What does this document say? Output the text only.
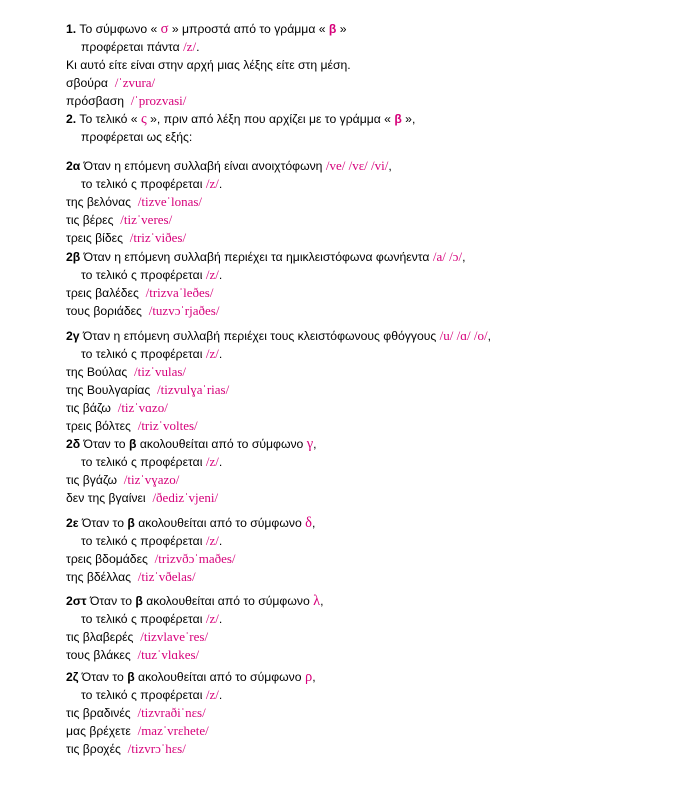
1. Το σύμφωνο « σ » μπροστά από το γράμμα « β »
προφέρεται πάντα /z/.
Κι αυτό είτε είναι στην αρχή μιας λέξης είτε στη μέση.
σβούρα /ˈzvura/
πρόσβαση /ˈprozvasi/
2. Το τελικό « ς », πριν από λέξη που αρχίζει με το γράμμα « β »,
προφέρεται ως εξής:
2α Όταν η επόμενη συλλαβή είναι ανοιχτόφωνη /ve/ /vɛ/ /vi/,
το τελικό ς προφέρεται /z/.
της βελόνας /tizveˈlonas/
τις βέρες /tizˈveres/
τρεις βίδες /trizˈviðes/
2β Όταν η επόμενη συλλαβή περιέχει τα ημικλειστόφωνα φωνήεντα /a/ /ɔ/,
το τελικό ς προφέρεται /z/.
τρεις βαλέδες /trizvaˈleðes/
τους βοριάδες /tuzvɔˈrjaðes/
2γ Όταν η επόμενη συλλαβή περιέχει τους κλειστόφωνους φθόγγους /u/ /ɑ/ /o/,
το τελικό ς προφέρεται /z/.
της Βούλας /tizˈvulas/
της Βουλγαρίας /tizvulɣaˈrias/
τις βάζω /tizˈvɑzo/
τρεις βόλτες /trizˈvoltes/
2δ Όταν το β ακολουθείται από το σύμφωνο γ,
το τελικό ς προφέρεται /z/.
τις βγάζω /tizˈvɣazo/
δεν της βγαίνει /ðedizˈvjeni/
2ε Όταν το β ακολουθείται από το σύμφωνο δ,
το τελικό ς προφέρεται /z/.
τρεις βδομάδες /trizvðɔˈmaðes/
της βδέλλας /tizˈvðelas/
2στ Όταν το β ακολουθείται από το σύμφωνο λ,
το τελικό ς προφέρεται /z/.
τις βλαβερές /tizvlaveˈres/
τους βλάκες /tuzˈvlɑkes/
2ζ Όταν το β ακολουθείται από το σύμφωνο ρ,
το τελικό ς προφέρεται /z/.
τις βραδινές /tizvraðiˈnɛs/
μας βρέχετε /mazˈvrɛhete/
τις βροχές /tizvrɔˈhɛs/
